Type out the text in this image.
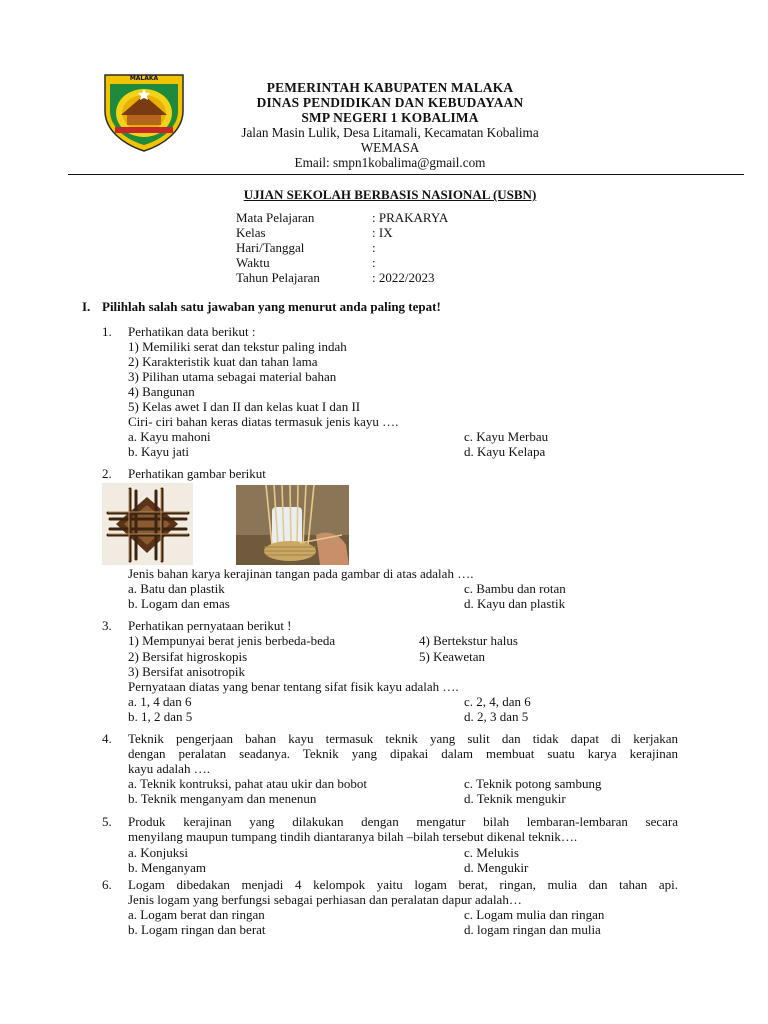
MALAKA
PEMERINTAH KABUPATEN MALAKA
DINAS PENDIDIKAN DAN KEBUDAYAAN
SMP NEGERI 1 KOBALIMA
Jalan Masin Lulik, Desa Litamali, Kecamatan Kobalima
WEMASA
Email: smpn1kobalima@gmail.com
UJIAN SEKOLAH BERBASIS NASIONAL (USBN)
Mata Pelajaran	: PRAKARYA
Kelas	: IX
Hari/Tanggal	:
Waktu	:
Tahun Pelajaran	: 2022/2023
I. Pilihlah salah satu jawaban yang menurut anda paling tepat!
1. Perhatikan data berikut :
1) Memiliki serat dan tekstur paling indah
2) Karakteristik kuat dan tahan lama
3) Pilihan utama sebagai material bahan
4) Bangunan
5) Kelas awet I dan II dan kelas kuat I dan II
Ciri- ciri bahan keras diatas termasuk jenis kayu ….
a. Kayu mahoni	c. Kayu Merbau
b. Kayu jati	d. Kayu Kelapa
2. Perhatikan gambar berikut
Jenis bahan karya kerajinan tangan pada gambar di atas adalah ….
a. Batu dan plastik	c. Bambu dan rotan
b. Logam dan emas	d. Kayu dan plastik
3. Perhatikan pernyataan berikut !
1) Mempunyai berat jenis berbeda-beda	4) Bertekstur halus
2) Bersifat higroskopis	5) Keawetan
3) Bersifat anisotropik
Pernyataan diatas yang benar tentang sifat fisik kayu adalah ….
a. 1, 4 dan 6	c. 2, 4, dan 6
b. 1, 2 dan 5	d. 2, 3 dan 5
4. Teknik pengerjaan bahan kayu termasuk teknik yang sulit dan tidak dapat di kerjakan
dengan peralatan seadanya. Teknik yang dipakai dalam membuat suatu karya kerajinan
kayu adalah ….
a. Teknik kontruksi, pahat atau ukir dan bobot	c. Teknik potong sambung
b. Teknik menganyam dan menenun	d. Teknik mengukir
5. Produk kerajinan yang dilakukan dengan mengatur bilah lembaran-lembaran secara
menyilang maupun tumpang tindih diantaranya bilah –bilah tersebut dikenal teknik….
a. Konjuksi	c. Melukis
b. Menganyam	d. Mengukir
6. Logam dibedakan menjadi 4 kelompok yaitu logam berat, ringan, mulia dan tahan api.
Jenis logam yang berfungsi sebagai perhiasan dan peralatan dapur adalah…
a. Logam berat dan ringan	c. Logam mulia dan ringan
b. Logam ringan dan berat	d. logam ringan dan mulia
